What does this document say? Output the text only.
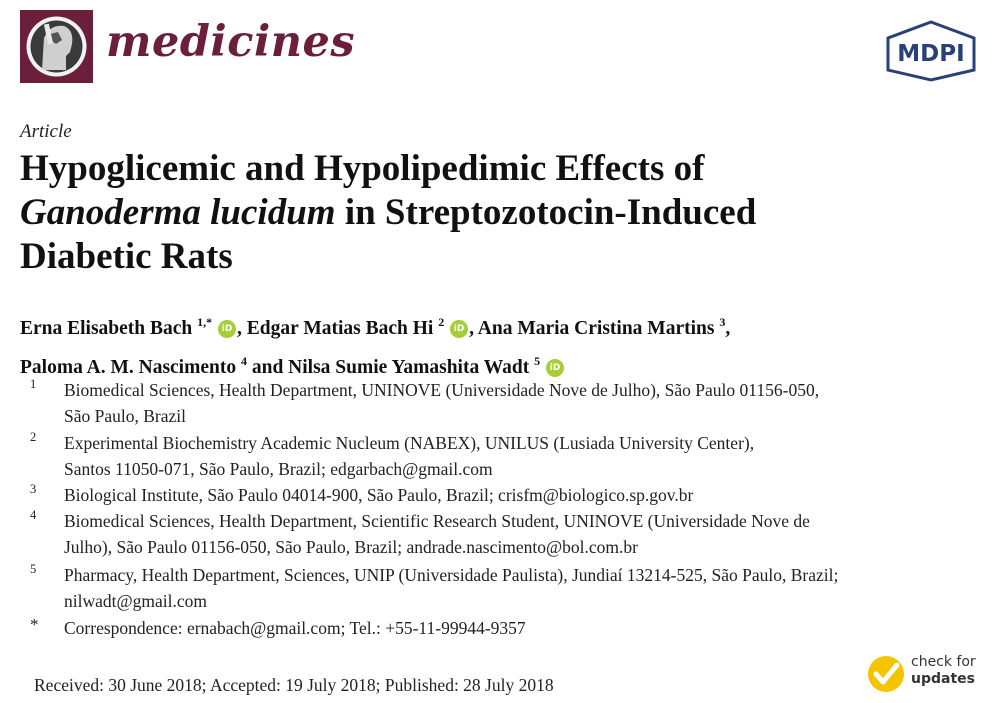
medicines	MDPI
Article
Hypoglicemic and Hypolipedimic Effects of
Ganoderma lucidum in Streptozotocin-Induced
Diabetic Rats
Erna Elisabeth Bach $^{1,*}$ iD , Edgar Matias Bach Hi $^2$ iD , Ana Maria Cristina Martins $^3$,
Paloma A. M. Nascimento $^4$ and Nilsa Sumie Yamashita Wadt $^5$ iD
1 Biomedical Sciences, Health Department, UNINOVE (Universidade Nove de Julho), São Paulo 01156-050,
São Paulo, Brazil
2 Experimental Biochemistry Academic Nucleum (NABEX), UNILUS (Lusiada University Center),
Santos 11050-071, São Paulo, Brazil; edgarbach@gmail.com
3 Biological Institute, São Paulo 04014-900, São Paulo, Brazil; crisfm@biologico.sp.gov.br
4 Biomedical Sciences, Health Department, Scientific Research Student, UNINOVE (Universidade Nove de
Julho), São Paulo 01156-050, São Paulo, Brazil; andrade.nascimento@bol.com.br
5 Pharmacy, Health Department, Sciences, UNIP (Universidade Paulista), Jundiaí 13214-525, São Paulo, Brazil;
nilwadt@gmail.com
* Correspondence: ernabach@gmail.com; Tel.: +55-11-99944-9357
Received: 30 June 2018; Accepted: 19 July 2018; Published: 28 July 2018
check for
updates
